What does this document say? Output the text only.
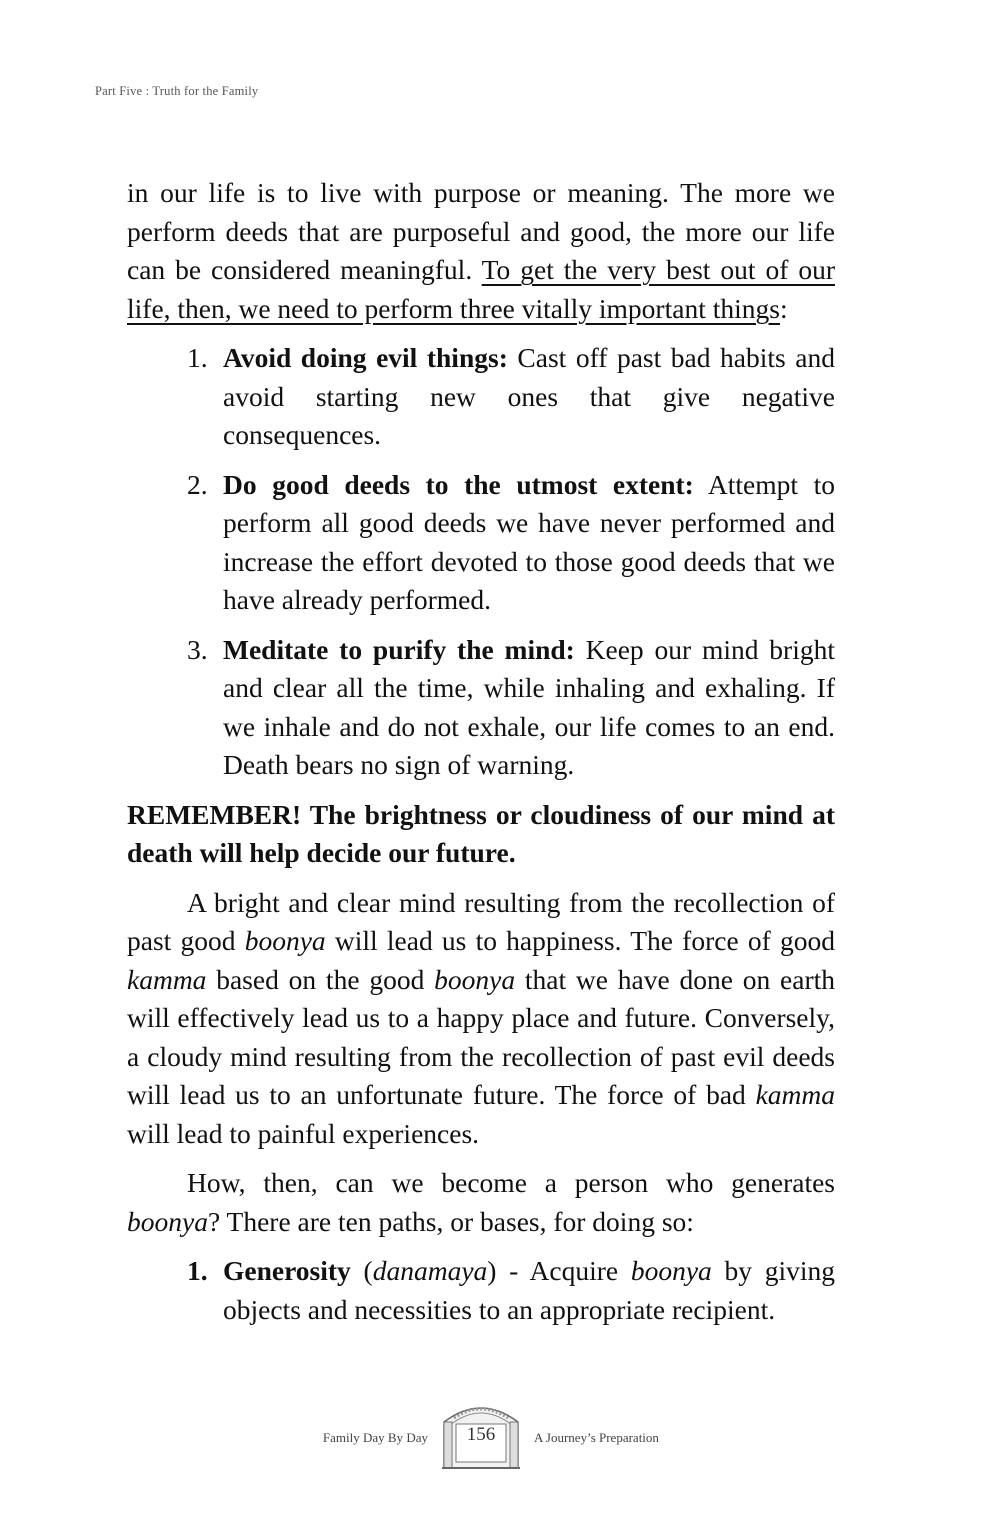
Part Five : Truth for the Family

in our life is to live with purpose or meaning. The more we perform deeds that are purposeful and good, the more our life can be considered meaningful. To get the very best out of our life, then, we need to perform three vitally important things:

1. Avoid doing evil things: Cast off past bad habits and avoid starting new ones that give negative consequences.
2. Do good deeds to the utmost extent: Attempt to perform all good deeds we have never performed and increase the effort devoted to those good deeds that we have already performed.
3. Meditate to purify the mind: Keep our mind bright and clear all the time, while inhaling and exhaling. If we inhale and do not exhale, our life comes to an end. Death bears no sign of warning.

REMEMBER! The brightness or cloudiness of our mind at death will help decide our future.

A bright and clear mind resulting from the recollection of past good boonya will lead us to happiness. The force of good kamma based on the good boonya that we have done on earth will effectively lead us to a happy place and future. Conversely, a cloudy mind resulting from the recollection of past evil deeds will lead us to an unfortunate future. The force of bad kamma will lead to painful experiences.

How, then, can we become a person who generates boonya? There are ten paths, or bases, for doing so:

1. Generosity (danamaya) - Acquire boonya by giving objects and necessities to an appropriate recipient.
Family Day By Day	156	A Journey’s Preparation
